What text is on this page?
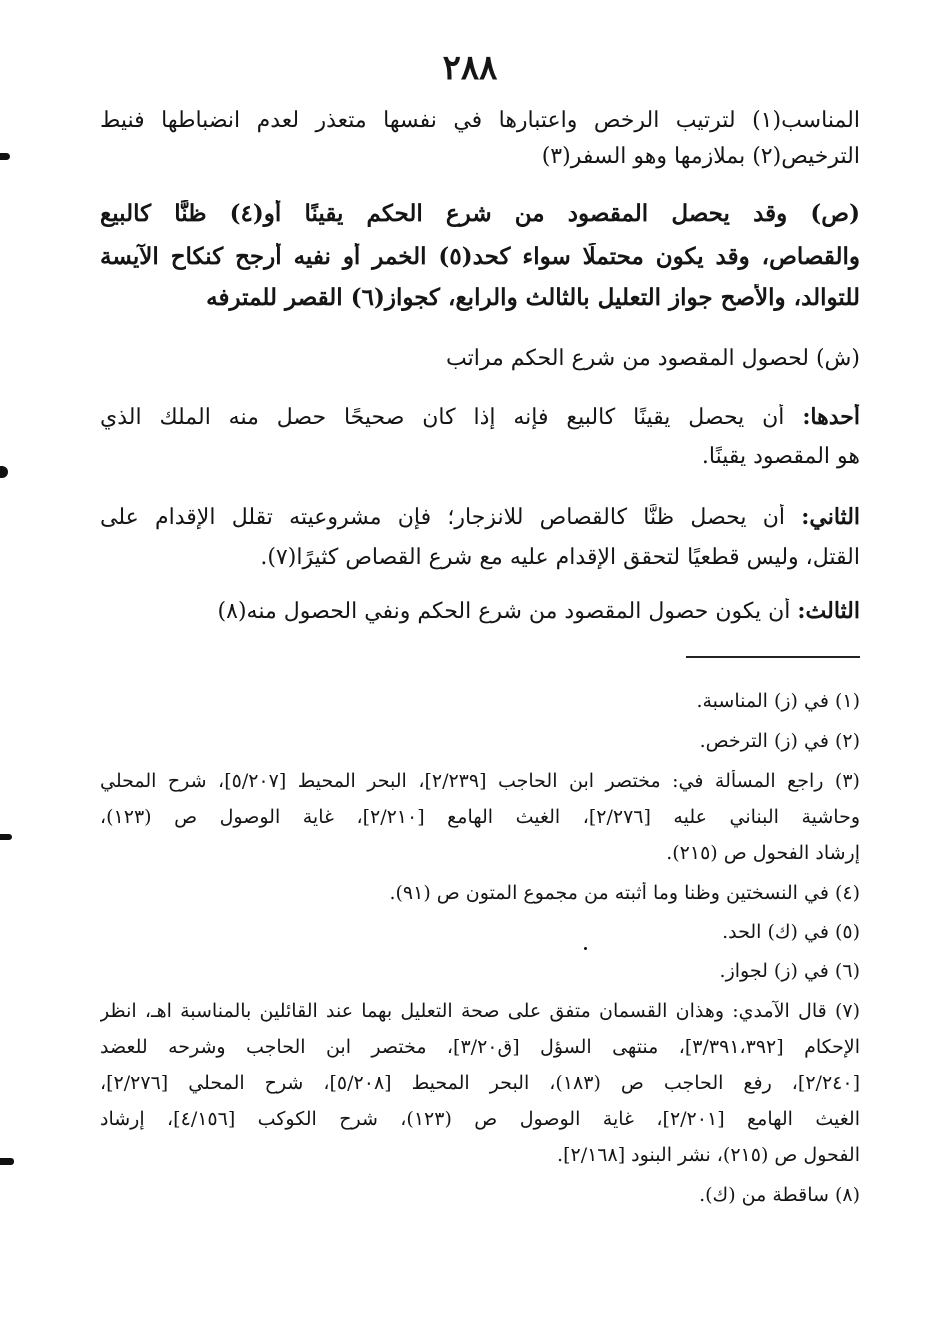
٢٨٨

المناسب(١) لترتيب الرخص واعتبارها في نفسها متعذر لعدم انضباطها فنيط

الترخيص(٢) بملازمها وهو السفر(٣)

(ص) وقد يحصل المقصود من شرع الحكم يقينًا أو(٤) ظنًّا كالبيع

والقصاص، وقد يكون محتملًا سواء كحد(٥) الخمر أو نفيه أرجح كنكاح الآيسة

للتوالد، والأصح جواز التعليل بالثالث والرابع، كجواز(٦) القصر للمترفه

(ش) لحصول المقصود من شرع الحكم مراتب

أحدها: أن يحصل يقينًا كالبيع فإنه إذا كان صحيحًا حصل منه الملك الذي

هو المقصود يقينًا.

الثاني: أن يحصل ظنًّا كالقصاص للانزجار؛ فإن مشروعيته تقلل الإقدام على

القتل، وليس قطعيًا لتحقق الإقدام عليه مع شرع القصاص كثيرًا(٧).

الثالث: أن يكون حصول المقصود من شرع الحكم ونفي الحصول منه(٨)

(١) في (ز) المناسبة.

(٢) في (ز) الترخص.

(٣) راجع المسألة في: مختصر ابن الحاجب [٢/٢٣٩]، البحر المحيط [٥/٢٠٧]، شرح المحلي

وحاشية البناني عليه [٢/٢٧٦]، الغيث الهامع [٢/٢١٠]، غاية الوصول ص (١٢٣)،

إرشاد الفحول ص (٢١٥).

(٤) في النسختين وظنا وما أثبته من مجموع المتون ص (٩١).

(٥) في (ك) الحد.

(٦) في (ز) لجواز.

(٧) قال الآمدي: وهذان القسمان متفق على صحة التعليل بهما عند القائلين بالمناسبة اهـ، انظر

الإحكام [٣/٣٩١،٣٩٢]، منتهى السؤل [ق٣/٢٠]، مختصر ابن الحاجب وشرحه للعضد

[٢/٢٤٠]، رفع الحاجب ص (١٨٣)، البحر المحيط [٥/٢٠٨]، شرح المحلي [٢/٢٧٦]،

الغيث الهامع [٢/٢٠١]، غاية الوصول ص (١٢٣)، شرح الكوكب [٤/١٥٦]، إرشاد

الفحول ص (٢١٥)، نشر البنود [٢/١٦٨].

(٨) ساقطة من (ك).
